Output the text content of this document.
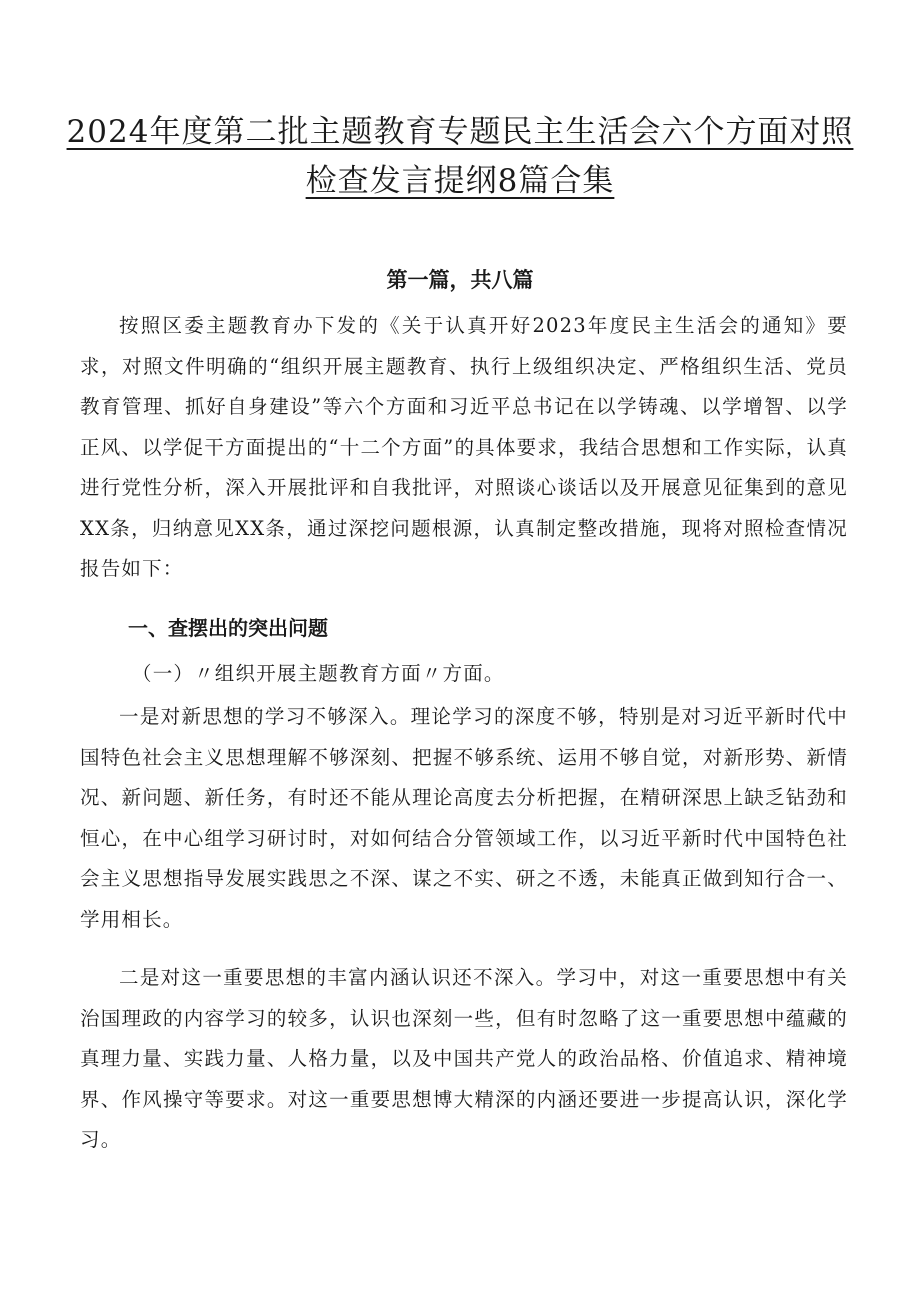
2024年度第二批主题教育专题民主生活会六个方面对照
检查发言提纲8篇合集
第一篇，共八篇

按照区委主题教育办下发的《关于认真开好2023年度民主生活会的通知》要求，对照文件明确的“组织开展主题教育、执行上级组织决定、严格组织生活、党员教育管理、抓好自身建设”等六个方面和习近平总书记在以学铸魂、以学增智、以学正风、以学促干方面提出的“十二个方面”的具体要求，我结合思想和工作实际，认真进行党性分析，深入开展批评和自我批评，对照谈心谈话以及开展意见征集到的意见XX条，归纳意见XX条，通过深挖问题根源，认真制定整改措施，现将对照检查情况报告如下：

一、查摆出的突出问题

（一）〃组织开展主题教育方面〃方面。

一是对新思想的学习不够深入。理论学习的深度不够，特别是对习近平新时代中国特色社会主义思想理解不够深刻、把握不够系统、运用不够自觉，对新形势、新情况、新问题、新任务，有时还不能从理论高度去分析把握，在精研深思上缺乏钻劲和恒心，在中心组学习研讨时，对如何结合分管领域工作，以习近平新时代中国特色社会主义思想指导发展实践思之不深、谋之不实、研之不透，未能真正做到知行合一、学用相长。

二是对这一重要思想的丰富内涵认识还不深入。学习中，对这一重要思想中有关治国理政的内容学习的较多，认识也深刻一些，但有时忽略了这一重要思想中蕴藏的真理力量、实践力量、人格力量，以及中国共产党人的政治品格、价值追求、精神境界、作风操守等要求。对这一重要思想博大精深的内涵还要进一步提高认识，深化学习。
